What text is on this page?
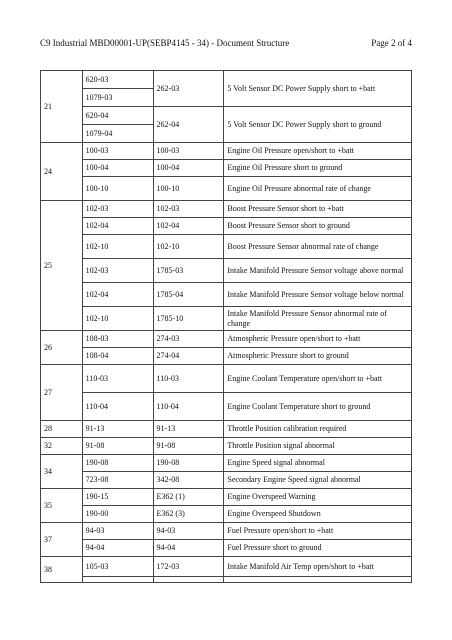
C9 Industrial MBD00001-UP(SEBP4145 - 34) - Document Structure	Page 2 of 4
21	620-03	262-03	5 Volt Sensor DC Power Supply short to +batt
	1079-03		
	620-04	262-04	5 Volt Sensor DC Power Supply short to ground
	1079-04		
24	100-03	100-03	Engine Oil Pressure open/short to +batt
	100-04	100-04	Engine Oil Pressure short to ground
	100-10	100-10	Engine Oil Pressure abnormal rate of change
25	102-03	102-03	Boost Pressure Sensor short to +batt
	102-04	102-04	Boost Pressure Sensor short to ground
	102-10	102-10	Boost Pressure Sensor abnormal rate of change
	102-03	1785-03	Intake Manifold Pressure Sensor voltage above normal
	102-04	1785-04	Intake Manifold Pressure Sensor voltage below normal
	102-10	1785-10	Intake Manifold Pressure Sensor abnormal rate of change
26	108-03	274-03	Atmospheric Pressure open/short to +batt
	108-04	274-04	Atmospheric Pressure short to ground
27	110-03	110-03	Engine Coolant Temperature open/short to +batt
	110-04	110-04	Engine Coolant Temperature short to ground
28	91-13	91-13	Throttle Position calibration required
32	91-08	91-08	Throttle Position signal abnormal
34	190-08	190-08	Engine Speed signal abnormal
	723-08	342-08	Secondary Engine Speed signal abnormal
35	190-15	E362 (1)	Engine Overspeed Warning
	190-00	E362 (3)	Engine Overspeed Shutdown
37	94-03	94-03	Fuel Pressure open/short to +batt
	94-04	94-04	Fuel Pressure short to ground
38	105-03	172-03	Intake Manifold Air Temp open/short to +batt
